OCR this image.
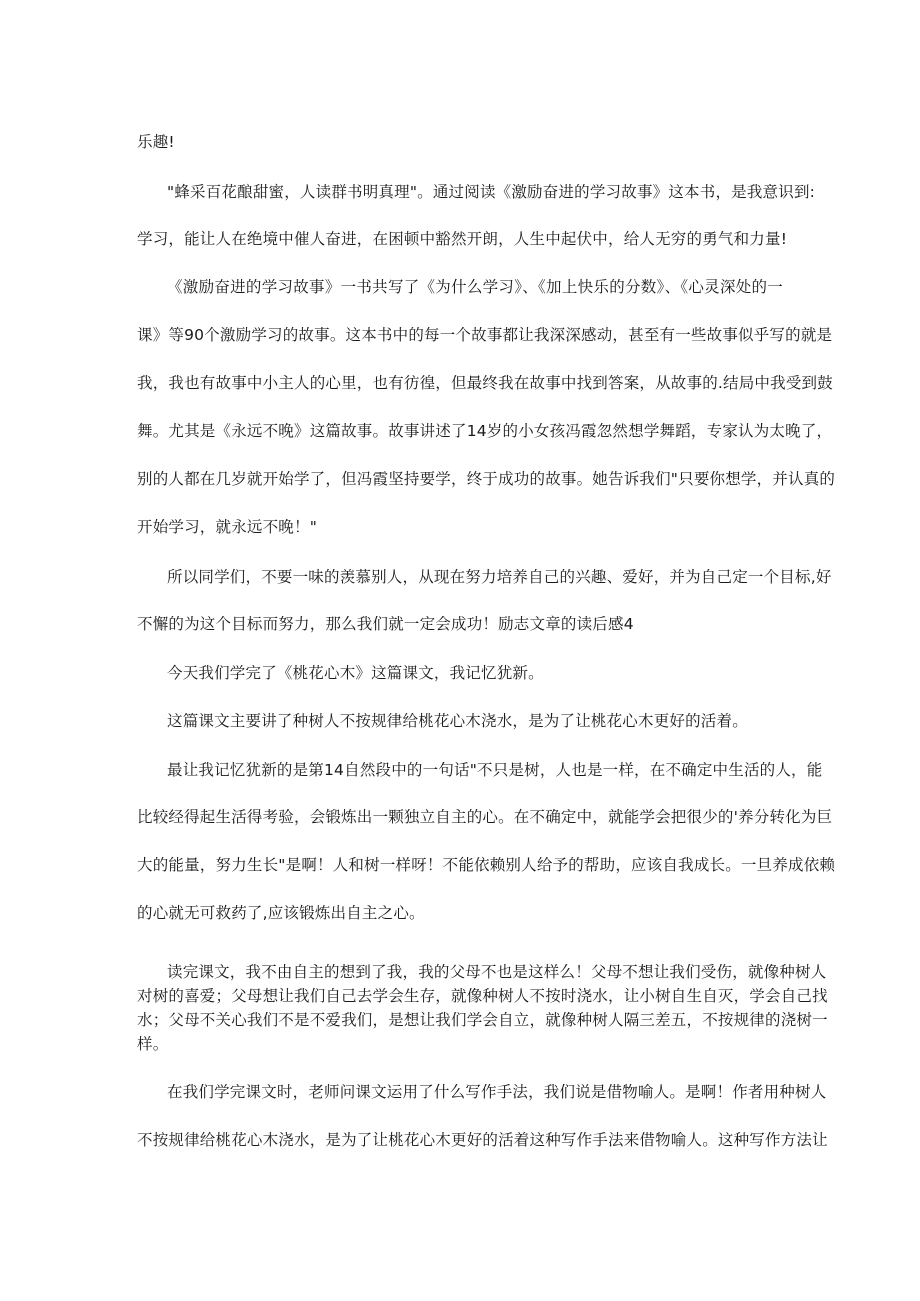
乐趣!
"蜂采百花酿甜蜜，人读群书明真理"。通过阅读《激励奋进的学习故事》这本书，是我意识到:
学习，能让人在绝境中催人奋进，在困顿中豁然开朗，人生中起伏中，给人无穷的勇气和力量!
《激励奋进的学习故事》一书共写了《为什么学习》、《加上快乐的分数》、《心灵深处的一
课》等90个激励学习的故事。这本书中的每一个故事都让我深深感动，甚至有一些故事似乎写的就是
我，我也有故事中小主人的心里，也有彷徨，但最终我在故事中找到答案，从故事的.结局中我受到鼓
舞。尤其是《永远不晚》这篇故事。故事讲述了14岁的小女孩冯霞忽然想学舞蹈，专家认为太晚了，
别的人都在几岁就开始学了，但冯霞坚持要学，终于成功的故事。她告诉我们"只要你想学，并认真的
开始学习，就永远不晚！"
所以同学们，不要一味的羡慕别人，从现在努力培养自己的兴趣、爱好，并为自己定一个目标,好
不懈的为这个目标而努力，那么我们就一定会成功！励志文章的读后感4
今天我们学完了《桃花心木》这篇课文，我记忆犹新。
这篇课文主要讲了种树人不按规律给桃花心木浇水，是为了让桃花心木更好的活着。
最让我记忆犹新的是第14自然段中的一句话"不只是树，人也是一样，在不确定中生活的人，能
比较经得起生活得考验，会锻炼出一颗独立自主的心。在不确定中，就能学会把很少的'养分转化为巨
大的能量，努力生长"是啊！人和树一样呀！不能依赖别人给予的帮助，应该自我成长。一旦养成依赖
的心就无可救药了,应该锻炼出自主之心。
读完课文，我不由自主的想到了我，我的父母不也是这样么！父母不想让我们受伤，就像种树人
对树的喜爱；父母想让我们自己去学会生存，就像种树人不按时浇水，让小树自生自灭，学会自己找
水；父母不关心我们不是不爱我们，是想让我们学会自立，就像种树人隔三差五，不按规律的浇树一
样。
在我们学完课文时，老师问课文运用了什么写作手法，我们说是借物喻人。是啊！作者用种树人
不按规律给桃花心木浇水，是为了让桃花心木更好的活着这种写作手法来借物喻人。这种写作方法让
